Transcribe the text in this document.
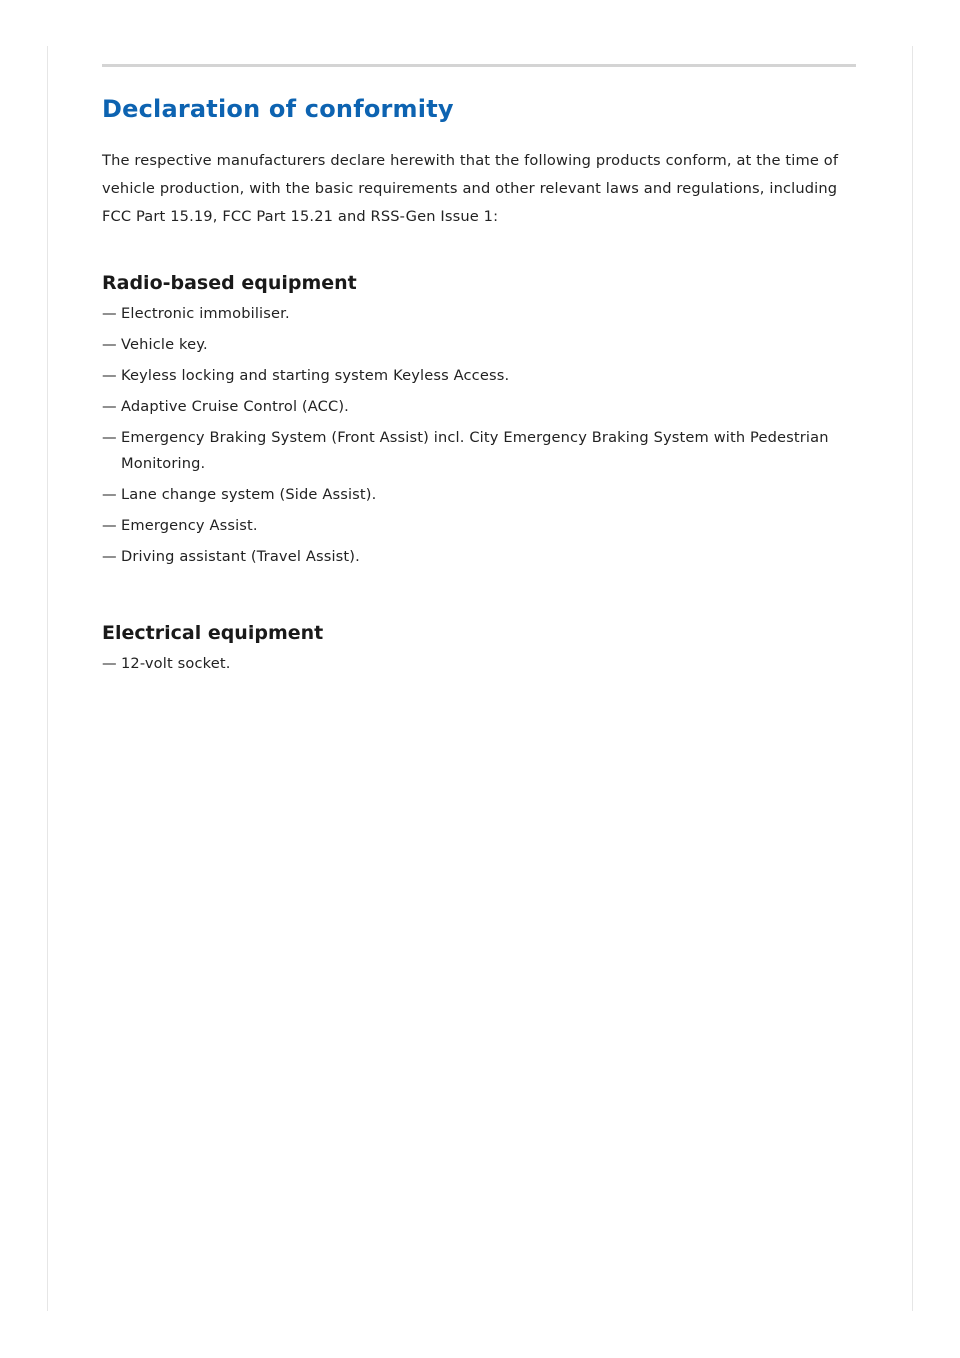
Declaration of conformity

The respective manufacturers declare herewith that the following products conform, at the time of vehicle production, with the basic requirements and other relevant laws and regulations, including FCC Part 15.19, FCC Part 15.21 and RSS-Gen Issue 1:

Radio-based equipment
— Electronic immobiliser.
— Vehicle key.
— Keyless locking and starting system Keyless Access.
— Adaptive Cruise Control (ACC).
— Emergency Braking System (Front Assist) incl. City Emergency Braking System with Pedestrian Monitoring.
— Lane change system (Side Assist).
— Emergency Assist.
— Driving assistant (Travel Assist).
Electrical equipment
— 12-volt socket.
